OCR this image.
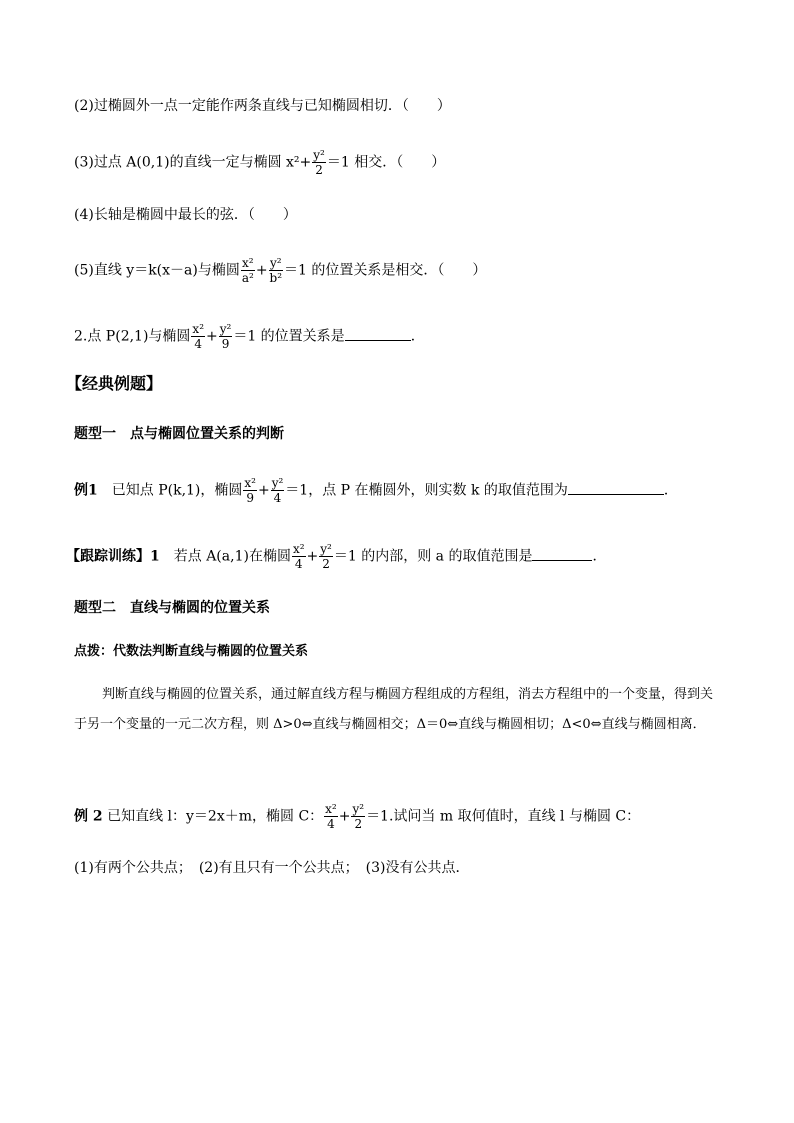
(2)过椭圆外一点一定能作两条直线与已知椭圆相切．（　　）
(3)过点 A(0,1)的直线一定与椭圆 $x^2+ \frac{\text{y²}}{2} =1$ 相交．（　　）
(4)长轴是椭圆中最长的弦．（　　）
(5)直线 y＝k(x－a)与椭圆 $\frac{\text{x²}}{\text{a²}} + \frac{\text{y²}}{\text{b²}} =1$ 的位置关系是相交．（　　）
2.点 P(2,1)与椭圆 $\frac{\text{x²}}{4} + \frac{\text{y²}}{9} =1$ 的位置关系是	．
【经典例题】
题型一　点与椭圆位置关系的判断
例1　已知点 P(k,1)，椭圆 $\frac{\text{x²}}{9} + \frac{\text{y²}}{4} =1$，点 P 在椭圆外，则实数 k 的取值范围为	．
【跟踪训练】1　若点 A(a,1)在椭圆 $\frac{\text{x²}}{4} + \frac{\text{y²}}{2} =1$ 的内部，则 a 的取值范围是	．
题型二　直线与椭圆的位置关系
点拨：代数法判断直线与椭圆的位置关系
判断直线与椭圆的位置关系，通过解直线方程与椭圆方程组成的方程组，消去方程组中的一个变量，得到关于另一个变量的一元二次方程，则 Δ>0⇔直线与椭圆相交；Δ＝0⇔直线与椭圆相切；Δ<0⇔直线与椭圆相离．
例 2 已知直线 l：y＝2x＋m，椭圆 C： $\frac{\text{x²}}{4} + \frac{\text{y²}}{2} =1$.试问当 m 取何值时，直线 l 与椭圆 C：
(1)有两个公共点；　(2)有且只有一个公共点；　(3)没有公共点．
